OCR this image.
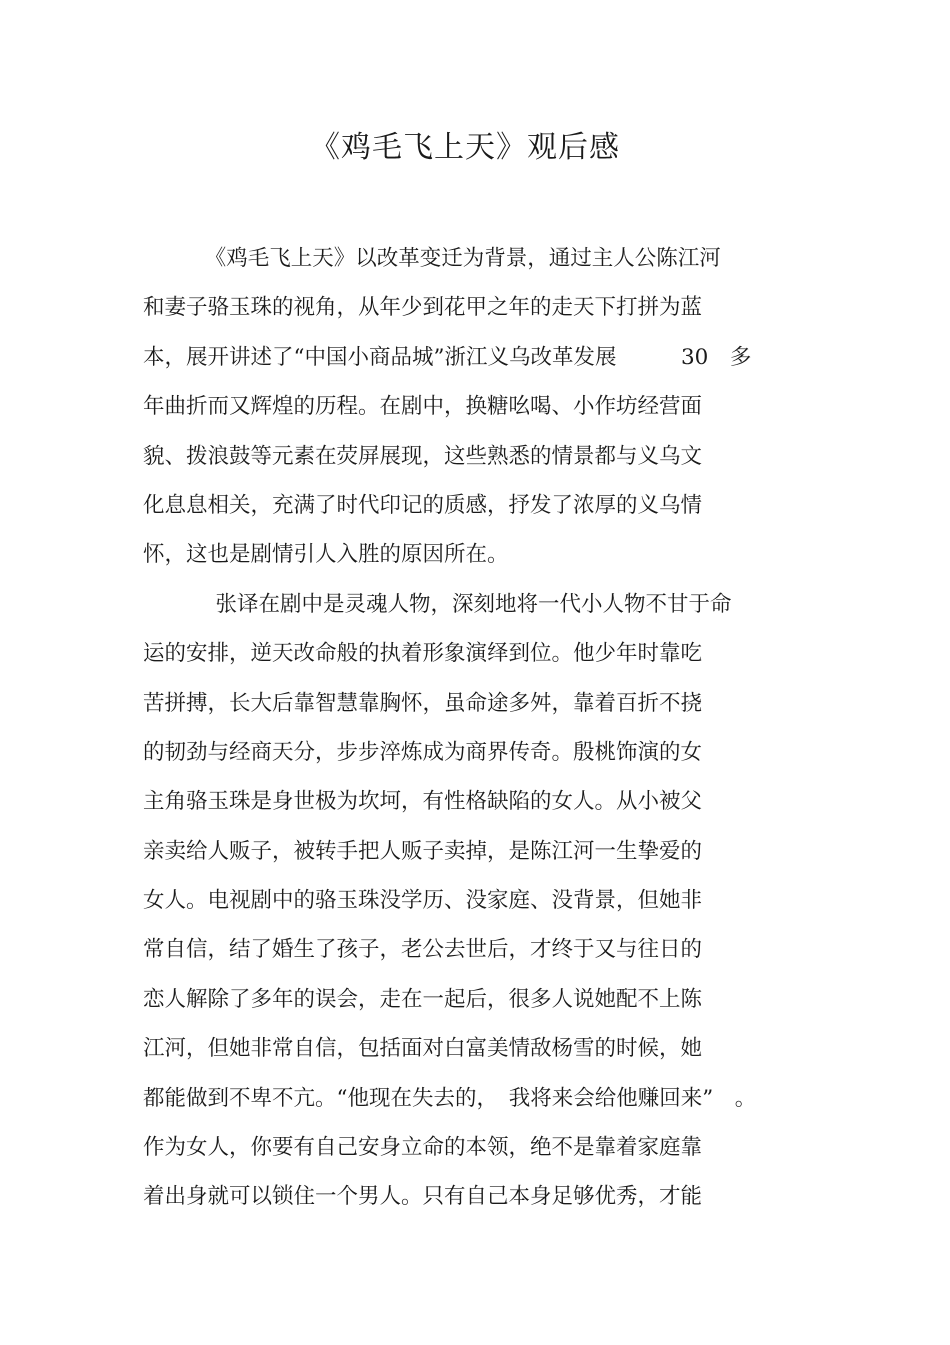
《鸡毛飞上天》观后感
　《鸡毛飞上天》以改革变迁为背景，通过主人公陈江河
和妻子骆玉珠的视角，从年少到花甲之年的走天下打拼为蓝
本，展开讲述了“中国小商品城”浙江义乌改革发展　　　30　多
年曲折而又辉煌的历程。在剧中，换糖吆喝、小作坊经营面
貌、拨浪鼓等元素在荧屏展现，这些熟悉的情景都与义乌文
化息息相关，充满了时代印记的质感，抒发了浓厚的义乌情
怀，这也是剧情引人入胜的原因所在。
　张译在剧中是灵魂人物，深刻地将一代小人物不甘于命
运的安排，逆天改命般的执着形象演绎到位。他少年时靠吃
苦拼搏，长大后靠智慧靠胸怀，虽命途多舛，靠着百折不挠
的韧劲与经商天分，步步淬炼成为商界传奇。殷桃饰演的女
主角骆玉珠是身世极为坎坷，有性格缺陷的女人。从小被父
亲卖给人贩子，被转手把人贩子卖掉，是陈江河一生挚爱的
女人。电视剧中的骆玉珠没学历、没家庭、没背景，但她非
常自信，结了婚生了孩子，老公去世后，才终于又与往日的
恋人解除了多年的误会，走在一起后，很多人说她配不上陈
江河，但她非常自信，包括面对白富美情敌杨雪的时候，她
都能做到不卑不亢。“他现在失去的，　我将来会给他赚回来”　。
作为女人，你要有自己安身立命的本领，绝不是靠着家庭靠
着出身就可以锁住一个男人。只有自己本身足够优秀，才能
